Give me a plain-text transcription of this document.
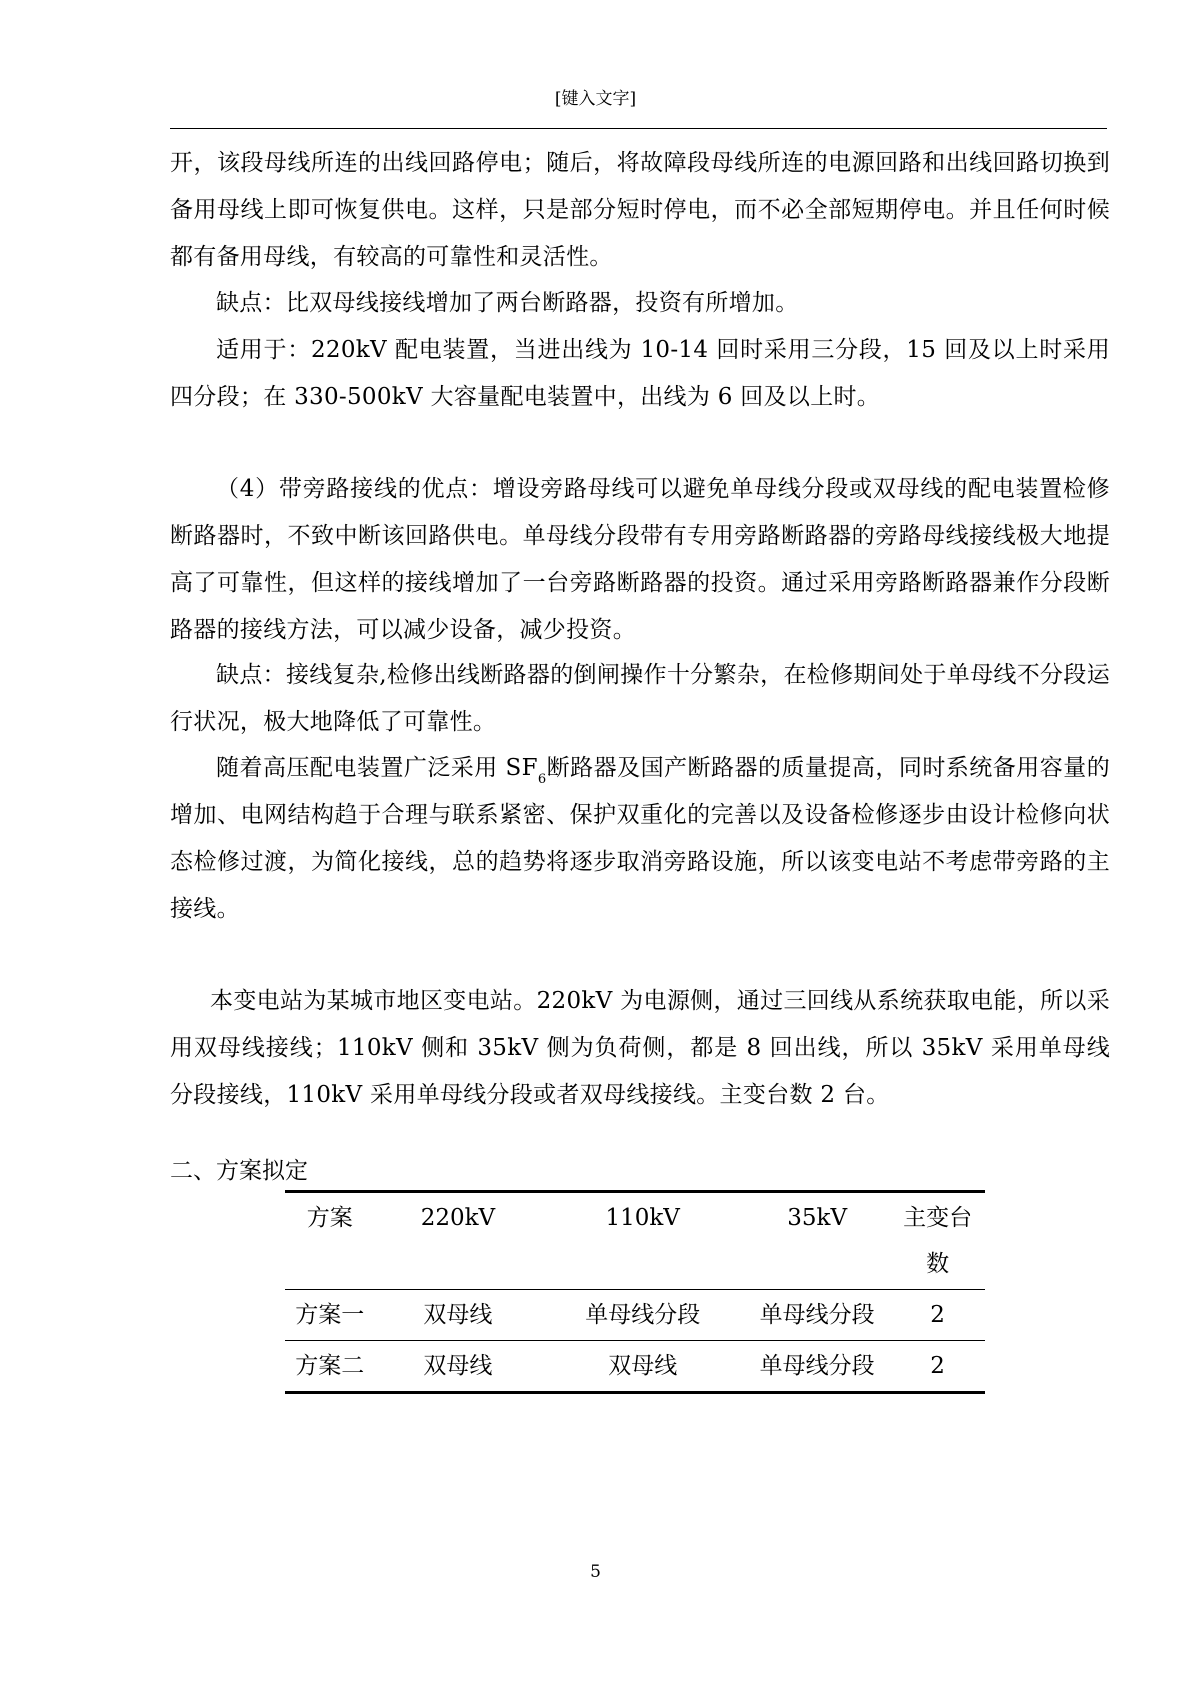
[键入文字]

开，该段母线所连的出线回路停电；随后，将故障段母线所连的电源回路和出线回路切换到备用母线上即可恢复供电。这样，只是部分短时停电，而不必全部短期停电。并且任何时候都有备用母线，有较高的可靠性和灵活性。

缺点：比双母线接线增加了两台断路器，投资有所增加。

适用于：220kV 配电装置，当进出线为 10-14 回时采用三分段，15 回及以上时采用四分段；在 330-500kV 大容量配电装置中，出线为 6 回及以上时。

（4）带旁路接线的优点：增设旁路母线可以避免单母线分段或双母线的配电装置检修断路器时，不致中断该回路供电。单母线分段带有专用旁路断路器的旁路母线接线极大地提高了可靠性，但这样的接线增加了一台旁路断路器的投资。通过采用旁路断路器兼作分段断路器的接线方法，可以减少设备，减少投资。

缺点：接线复杂,检修出线断路器的倒闸操作十分繁杂，在检修期间处于单母线不分段运行状况，极大地降低了可靠性。

随着高压配电装置广泛采用 $SF_6$断路器及国产断路器的质量提高，同时系统备用容量的增加、电网结构趋于合理与联系紧密、保护双重化的完善以及设备检修逐步由设计检修向状态检修过渡，为简化接线，总的趋势将逐步取消旁路设施，所以该变电站不考虑带旁路的主接线。

本变电站为某城市地区变电站。220kV 为电源侧，通过三回线从系统获取电能，所以采用双母线接线；110kV 侧和 35kV 侧为负荷侧，都是 8 回出线，所以 35kV 采用单母线分段接线，110kV 采用单母线分段或者双母线接线。主变台数 2 台。

二、方案拟定
方案	220kV	110kV	35kV	主变台数
方案一	双母线	单母线分段	单母线分段	2
方案二	双母线	双母线	单母线分段	2
5
